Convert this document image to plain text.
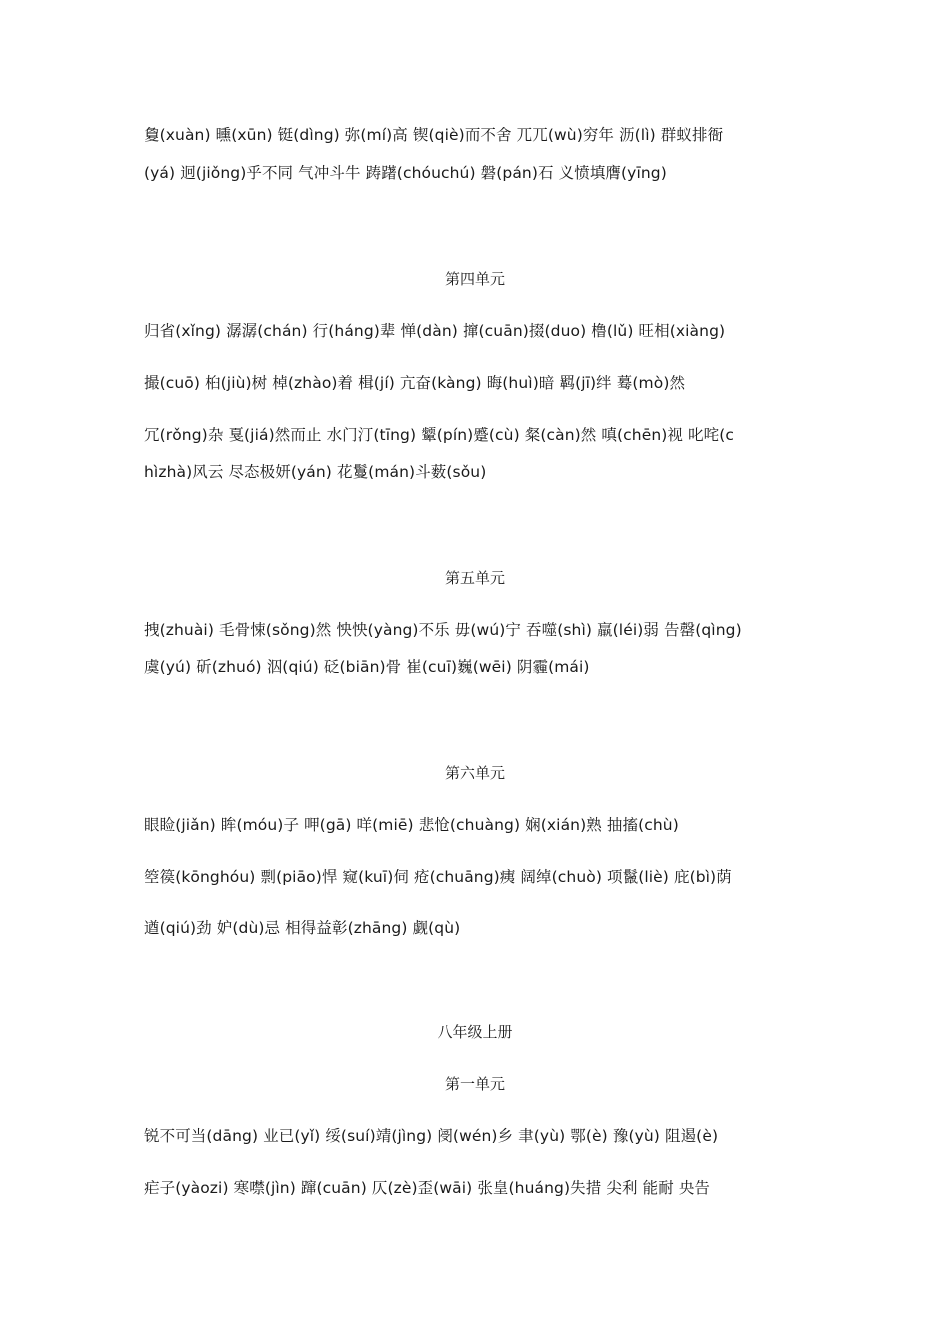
敻(xuàn) 曛(xūn) 铤(dìng) 弥(mí)高 锲(qiè)而不舍 兀兀(wù)穷年 沥(lì) 群蚁排衙
(yá) 迥(jiǒng)乎不同 气冲斗牛 踌躇(chóuchú) 磐(pán)石 义愤填膺(yīng)
第四单元
归省(xǐng) 潺潺(chán) 行(háng)辈 惮(dàn) 撺(cuān)掇(duo) 橹(lǔ) 旺相(xiàng)
撮(cuō) 桕(jiù)树 棹(zhào)着 楫(jí) 亢奋(kàng) 晦(huì)暗 羁(jī)绊 蓦(mò)然
冗(rǒng)杂 戛(jiá)然而止 水门汀(tīng) 颦(pín)蹙(cù) 粲(càn)然 嗔(chēn)视 叱咤(c
hìzhà)风云 尽态极妍(yán) 花鬘(mán)斗薮(sǒu)
第五单元
拽(zhuài) 毛骨悚(sǒng)然 怏怏(yàng)不乐 毋(wú)宁 吞噬(shì) 羸(léi)弱 告罄(qìng)
虞(yú) 斫(zhuó) 泅(qiú) 砭(biān)骨 崔(cuī)巍(wēi) 阴霾(mái)
第六单元
眼睑(jiǎn) 眸(móu)子 呷(gā) 咩(miē) 悲怆(chuàng) 娴(xián)熟 抽搐(chù)
箜篌(kōnghóu) 剽(piāo)悍 窥(kuī)伺 疮(chuāng)痍 阔绰(chuò) 项鬣(liè) 庇(bì)荫
遒(qiú)劲 妒(dù)忌 相得益彰(zhāng) 觑(qù)
八年级上册
第一单元
锐不可当(dāng) 业已(yǐ) 绥(suí)靖(jìng) 阌(wén)乡 聿(yù) 鄂(è) 豫(yù) 阻遏(è)
疟子(yàozi) 寒噤(jìn) 蹿(cuān) 仄(zè)歪(wāi) 张皇(huáng)失措 尖利 能耐 央告
